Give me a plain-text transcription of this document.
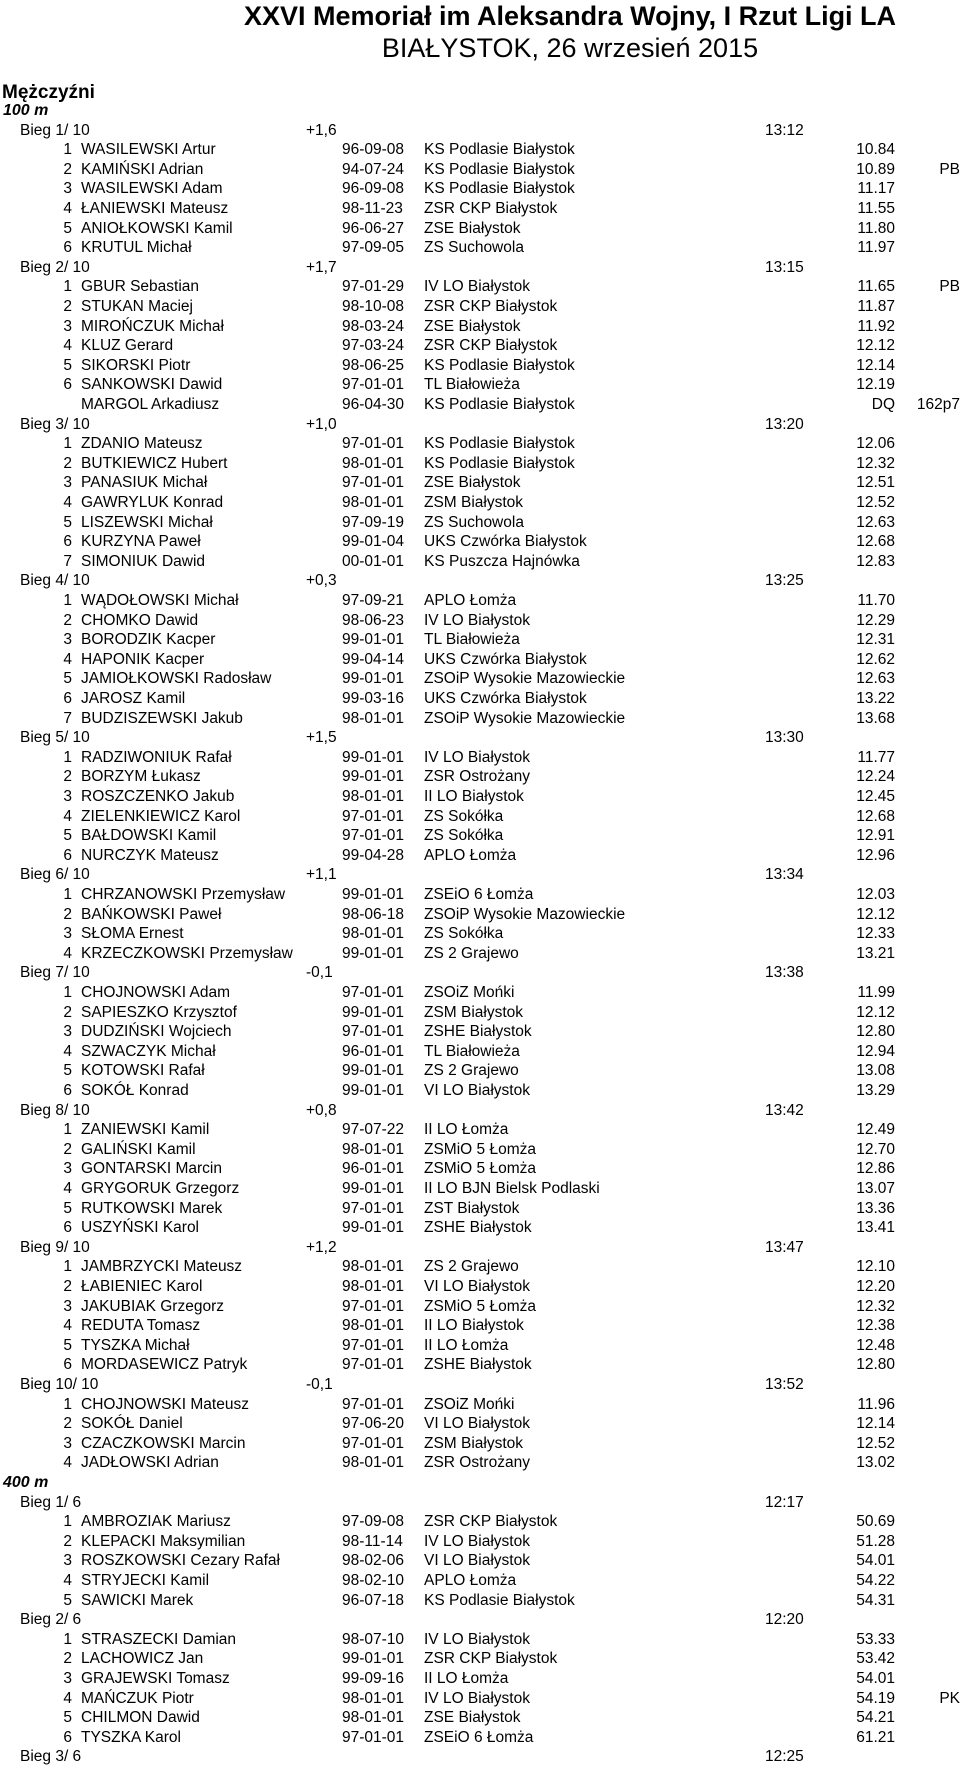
XXVI Memoriał im Aleksandra Wojny, I Rzut Ligi LA
BIAŁYSTOK, 26 wrzesień 2015
Mężczyźni
100 m
Bieg 1/ 10	+1,6	13:12
1 WASILEWSKI Artur	96-09-08 KS Podlasie Białystok	10.84
2 KAMIŃSKI Adrian	94-07-24 KS Podlasie Białystok	10.89	PB
3 WASILEWSKI Adam	96-09-08 KS Podlasie Białystok	11.17
4 ŁANIEWSKI Mateusz	98-11-23 ZSR CKP Białystok	11.55
5 ANIOŁKOWSKI Kamil	96-06-27 ZSE Białystok	11.80
6 KRUTUL Michał	97-09-05 ZS Suchowola	11.97
Bieg 2/ 10	+1,7	13:15
1 GBUR Sebastian	97-01-29 IV LO Białystok	11.65	PB
2 STUKAN Maciej	98-10-08 ZSR CKP Białystok	11.87
3 MIROŃCZUK Michał	98-03-24 ZSE Białystok	11.92
4 KLUZ Gerard	97-03-24 ZSR CKP Białystok	12.12
5 SIKORSKI Piotr	98-06-25 KS Podlasie Białystok	12.14
6 SANKOWSKI Dawid	97-01-01 TL Białowieża	12.19
MARGOL Arkadiusz	96-04-30 KS Podlasie Białystok	DQ	162p7
Bieg 3/ 10	+1,0	13:20
1 ZDANIO Mateusz	97-01-01 KS Podlasie Białystok	12.06
2 BUTKIEWICZ Hubert	98-01-01 KS Podlasie Białystok	12.32
3 PANASIUK Michał	97-01-01 ZSE Białystok	12.51
4 GAWRYLUK Konrad	98-01-01 ZSM Białystok	12.52
5 LISZEWSKI Michał	97-09-19 ZS Suchowola	12.63
6 KURZYNA Paweł	99-01-04 UKS Czwórka Białystok	12.68
7 SIMONIUK Dawid	00-01-01 KS Puszcza Hajnówka	12.83
Bieg 4/ 10	+0,3	13:25
1 WĄDOŁOWSKI Michał	97-09-21 APLO Łomża	11.70
2 CHOMKO Dawid	98-06-23 IV LO Białystok	12.29
3 BORODZIK Kacper	99-01-01 TL Białowieża	12.31
4 HAPONIK Kacper	99-04-14 UKS Czwórka Białystok	12.62
5 JAMIOŁKOWSKI Radosław	99-01-01 ZSOiP Wysokie Mazowieckie	12.63
6 JAROSZ Kamil	99-03-16 UKS Czwórka Białystok	13.22
7 BUDZISZEWSKI Jakub	98-01-01 ZSOiP Wysokie Mazowieckie	13.68
Bieg 5/ 10	+1,5	13:30
1 RADZIWONIUK Rafał	99-01-01 IV LO Białystok	11.77
2 BORZYM Łukasz	99-01-01 ZSR Ostrożany	12.24
3 ROSZCZENKO Jakub	98-01-01 II LO Białystok	12.45
4 ZIELENKIEWICZ Karol	97-01-01 ZS Sokółka	12.68
5 BAŁDOWSKI Kamil	97-01-01 ZS Sokółka	12.91
6 NURCZYK Mateusz	99-04-28 APLO Łomża	12.96
Bieg 6/ 10	+1,1	13:34
1 CHRZANOWSKI Przemysław	99-01-01 ZSEiO 6 Łomża	12.03
2 BAŃKOWSKI Paweł	98-06-18 ZSOiP Wysokie Mazowieckie	12.12
3 SŁOMA Ernest	98-01-01 ZS Sokółka	12.33
4 KRZECZKOWSKI Przemysław	99-01-01 ZS 2 Grajewo	13.21
Bieg 7/ 10	-0,1	13:38
1 CHOJNOWSKI Adam	97-01-01 ZSOiZ Mońki	11.99
2 SAPIESZKO Krzysztof	99-01-01 ZSM Białystok	12.12
3 DUDZIŃSKI Wojciech	97-01-01 ZSHE Białystok	12.80
4 SZWACZYK Michał	96-01-01 TL Białowieża	12.94
5 KOTOWSKI Rafał	99-01-01 ZS 2 Grajewo	13.08
6 SOKÓŁ Konrad	99-01-01 VI LO Białystok	13.29
Bieg 8/ 10	+0,8	13:42
1 ZANIEWSKI Kamil	97-07-22 II LO Łomża	12.49
2 GALIŃSKI Kamil	98-01-01 ZSMiO 5 Łomża	12.70
3 GONTARSKI Marcin	96-01-01 ZSMiO 5 Łomża	12.86
4 GRYGORUK Grzegorz	99-01-01 II LO BJN Bielsk Podlaski	13.07
5 RUTKOWSKI Marek	97-01-01 ZST Białystok	13.36
6 USZYŃSKI Karol	99-01-01 ZSHE Białystok	13.41
Bieg 9/ 10	+1,2	13:47
1 JAMBRZYCKI Mateusz	98-01-01 ZS 2 Grajewo	12.10
2 ŁABIENIEC Karol	98-01-01 VI LO Białystok	12.20
3 JAKUBIAK Grzegorz	97-01-01 ZSMiO 5 Łomża	12.32
4 REDUTA Tomasz	98-01-01 II LO Białystok	12.38
5 TYSZKA Michał	97-01-01 II LO Łomża	12.48
6 MORDASEWICZ Patryk	97-01-01 ZSHE Białystok	12.80
Bieg 10/ 10	-0,1	13:52
1 CHOJNOWSKI Mateusz	97-01-01 ZSOiZ Mońki	11.96
2 SOKÓŁ Daniel	97-06-20 VI LO Białystok	12.14
3 CZACZKOWSKI Marcin	97-01-01 ZSM Białystok	12.52
4 JADŁOWSKI Adrian	98-01-01 ZSR Ostrożany	13.02
400 m
Bieg 1/ 6	12:17
1 AMBROZIAK Mariusz	97-09-08 ZSR CKP Białystok	50.69
2 KLEPACKI Maksymilian	98-11-14 IV LO Białystok	51.28
3 ROSZKOWSKI Cezary Rafał	98-02-06 VI LO Białystok	54.01
4 STRYJECKI Kamil	98-02-10 APLO Łomża	54.22
5 SAWICKI Marek	96-07-18 KS Podlasie Białystok	54.31
Bieg 2/ 6	12:20
1 STRASZECKI Damian	98-07-10 IV LO Białystok	53.33
2 LACHOWICZ Jan	99-01-01 ZSR CKP Białystok	53.42
3 GRAJEWSKI Tomasz	99-09-16 II LO Łomża	54.01
4 MAŃCZUK Piotr	98-01-01 IV LO Białystok	54.19	PK
5 CHILMON Dawid	98-01-01 ZSE Białystok	54.21
6 TYSZKA Karol	97-01-01 ZSEiO 6 Łomża	61.21
Bieg 3/ 6	12:25
